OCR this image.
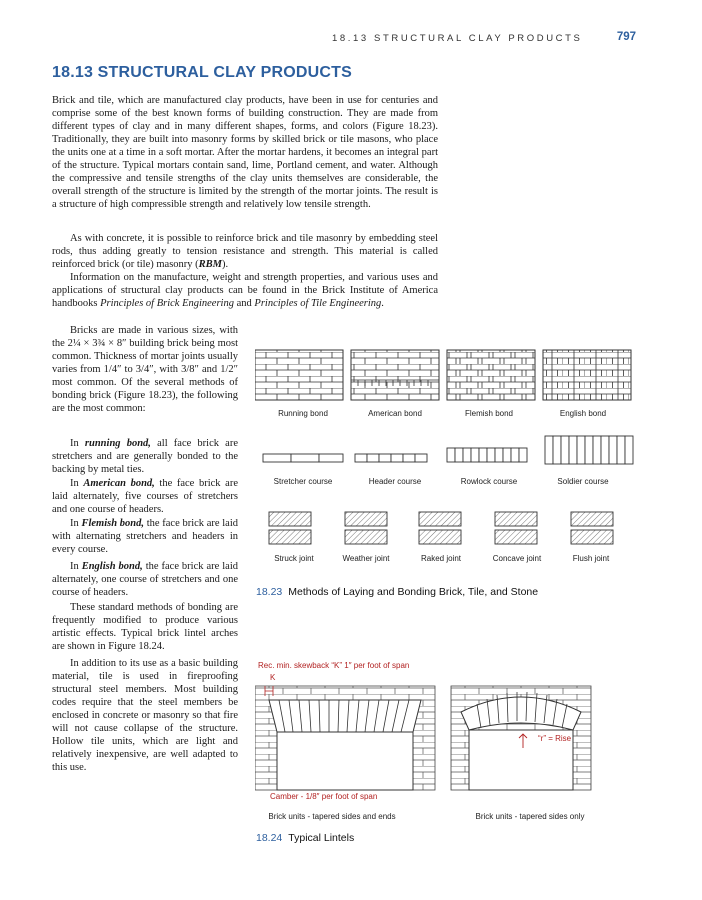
18.13 STRUCTURAL CLAY PRODUCTS	797
18.13 STRUCTURAL CLAY PRODUCTS

Brick and tile, which are manufactured clay products, have been in use for centuries and comprise some of the best known forms of building construction. They are made from different types of clay and in many different shapes, forms, and colors (Figure 18.23). Traditionally, they are built into masonry forms by skilled brick or tile masons, who place the units one at a time in a soft mortar. After the mortar hardens, it becomes an integral part of the structure. Typical mortars contain sand, lime, Portland cement, and water. Although the compressive and tensile strengths of the clay units themselves are considerable, the overall strength of the structure is limited by the strength of the mortar joints. The result is a structure of high compressible strength and relatively low tensile strength.

As with concrete, it is possible to reinforce brick and tile masonry by embedding steel rods, thus adding greatly to tension resistance and strength. This material is called reinforced brick (or tile) masonry (RBM).

Information on the manufacture, weight and strength properties, and various uses and applications of structural clay products can be found in the Brick Institute of America handbooks Principles of Brick Engineering and Principles of Tile Engineering.

Bricks are made in various sizes, with the 2¼ × 3¾ × 8″ building brick being most common. Thickness of mortar joints usually varies from 1/4″ to 3/4″, with 3/8″ and 1/2″ most common. Of the several methods of bonding brick (Figure 18.23), the following are the most common:

In running bond, all face brick are stretchers and are generally bonded to the backing by metal ties.

In American bond, the face brick are laid alternately, five courses of stretchers and one course of headers.

In Flemish bond, the face brick are laid with alternating stretchers and headers in every course.

In English bond, the face brick are laid alternately, one course of stretchers and one course of headers.

These standard methods of bonding are frequently modified to produce various artistic effects. Typical brick lintel arches are shown in Figure 18.24.

In addition to its use as a basic building material, tile is used in fireproofing structural steel members. Most building codes require that the steel members be enclosed in concrete or masonry so that fire will not cause collapse of the structure. Hollow tile units, which are light and relatively inexpensive, are well adapted to this use.

Running bond	American bond	Flemish bond	English bond
Stretcher course	Header course	Rowlock course	Soldier course
Struck joint	Weather joint	Raked joint	Concave joint	Flush joint
18.23 Methods of Laying and Bonding Brick, Tile, and Stone
Rec. min. skewback “K” 1″ per foot of span
K
“r” = Rise
Camber - 1/8″ per foot of span
Brick units - tapered sides and ends	Brick units - tapered sides only
18.24 Typical Lintels
